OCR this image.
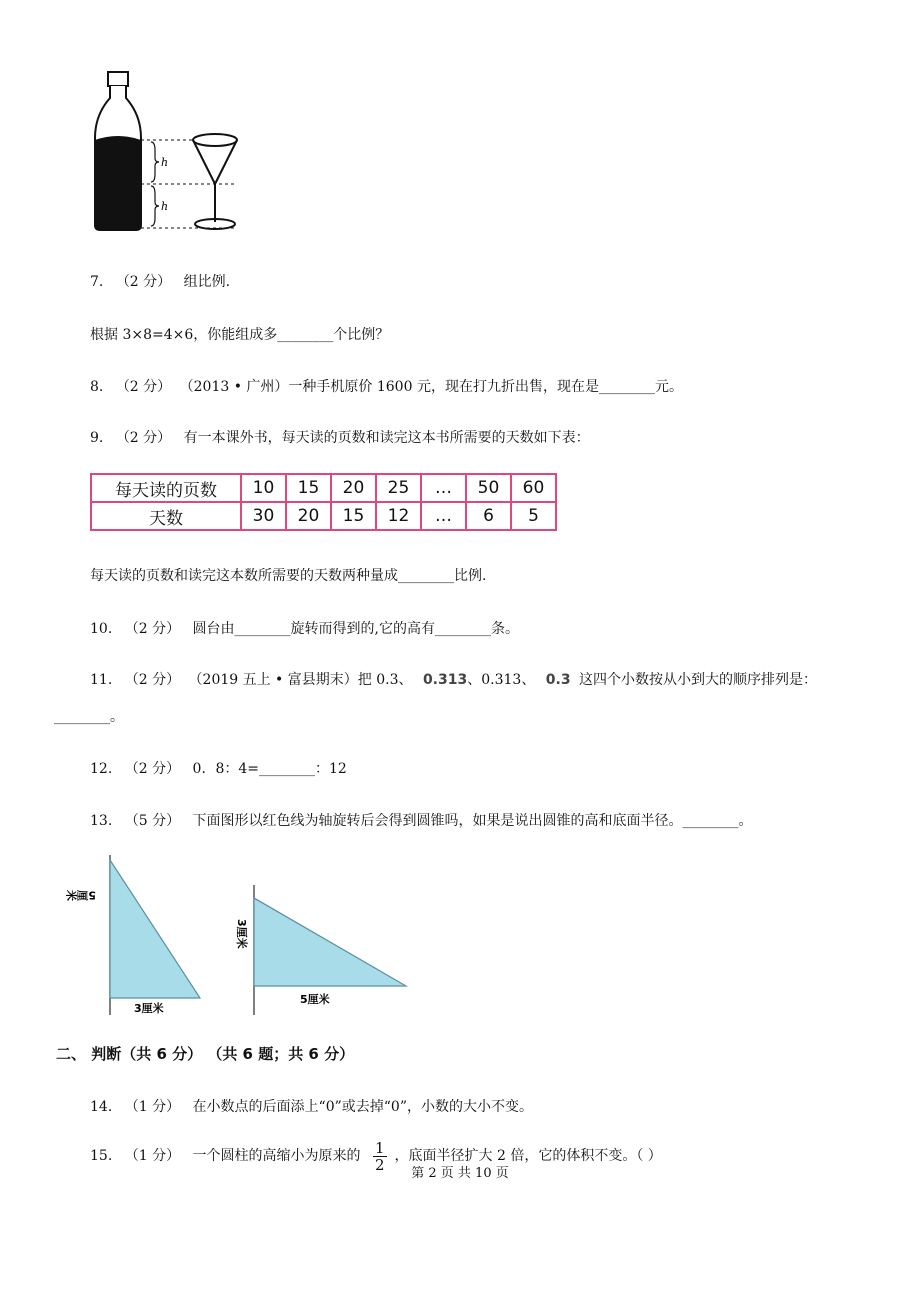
h
h
7. （2 分） 组比例.
根据 3×8=4×6，你能组成多________个比例？
8. （2 分） （2013 • 广州）一种手机原价 1600 元，现在打九折出售，现在是________元。
9. （2 分） 有一本课外书，每天读的页数和读完这本书所需要的天数如下表：
每天读的页数	10	15	20	25	…	50	60
天数	30	20	15	12	…	6	5
每天读的页数和读完这本数所需要的天数两种量成________比例.
10. （2 分） 圆台由________旋转而得到的,它的高有________条。
11. （2 分） （2019 五上 • 富县期末）把 0.3、 0.313、0.313、 0.3 这四个小数按从小到大的顺序排列是：
________。
12. （2 分） 0．8：4=________：12
13. （5 分） 下面图形以红色线为轴旋转后会得到圆锥吗，如果是说出圆锥的高和底面半径。________。
5厘米
3厘米
3厘米
5厘米
二、 判断（共 6 分） （共 6 题；共 6 分）
14. （1 分） 在小数点的后面添上“0”或去掉“0”，小数的大小不变。
15. （1 分） 一个圆柱的高缩小为原来的 $\frac{1}{2}$ ，底面半径扩大 2 倍，它的体积不变。（ ）
第 2 页 共 10 页
